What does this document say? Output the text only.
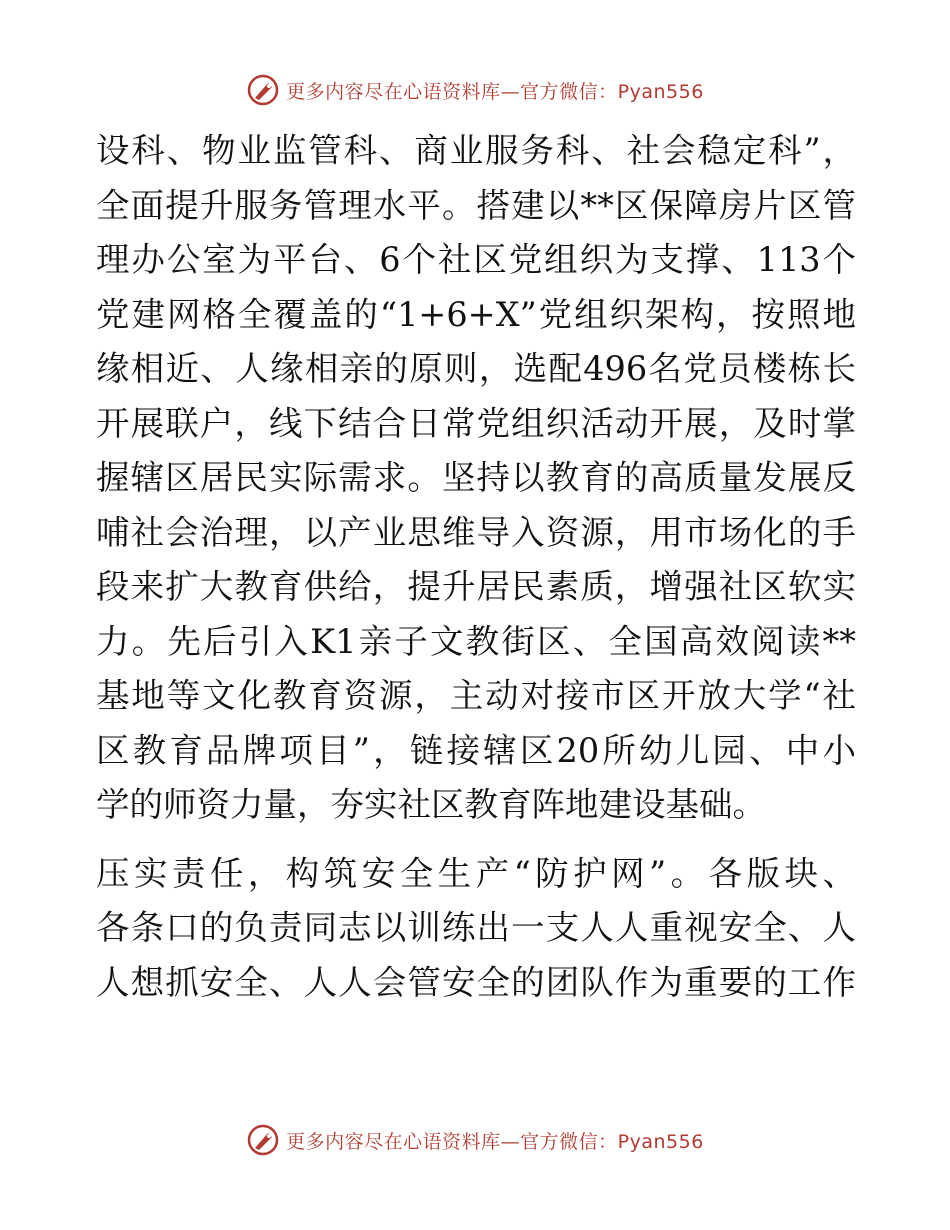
更多内容尽在心语资料库—官方微信：Pyan556
设科、物业监管科、商业服务科、社会稳定科”，
全面提升服务管理水平。搭建以**区保障房片区管
理办公室为平台、6个社区党组织为支撑、113个
党建网格全覆盖的“1+6+X”党组织架构，按照地
缘相近、人缘相亲的原则，选配496名党员楼栋长
开展联户，线下结合日常党组织活动开展，及时掌
握辖区居民实际需求。坚持以教育的高质量发展反
哺社会治理，以产业思维导入资源，用市场化的手
段来扩大教育供给，提升居民素质，增强社区软实
力。先后引入K1亲子文教街区、全国高效阅读**
基地等文化教育资源，主动对接市区开放大学“社
区教育品牌项目”，链接辖区20所幼儿园、中小
学的师资力量，夯实社区教育阵地建设基础。
压实责任，构筑安全生产“防护网”。各版块、
各条口的负责同志以训练出一支人人重视安全、人
人想抓安全、人人会管安全的团队作为重要的工作
更多内容尽在心语资料库—官方微信：Pyan556
